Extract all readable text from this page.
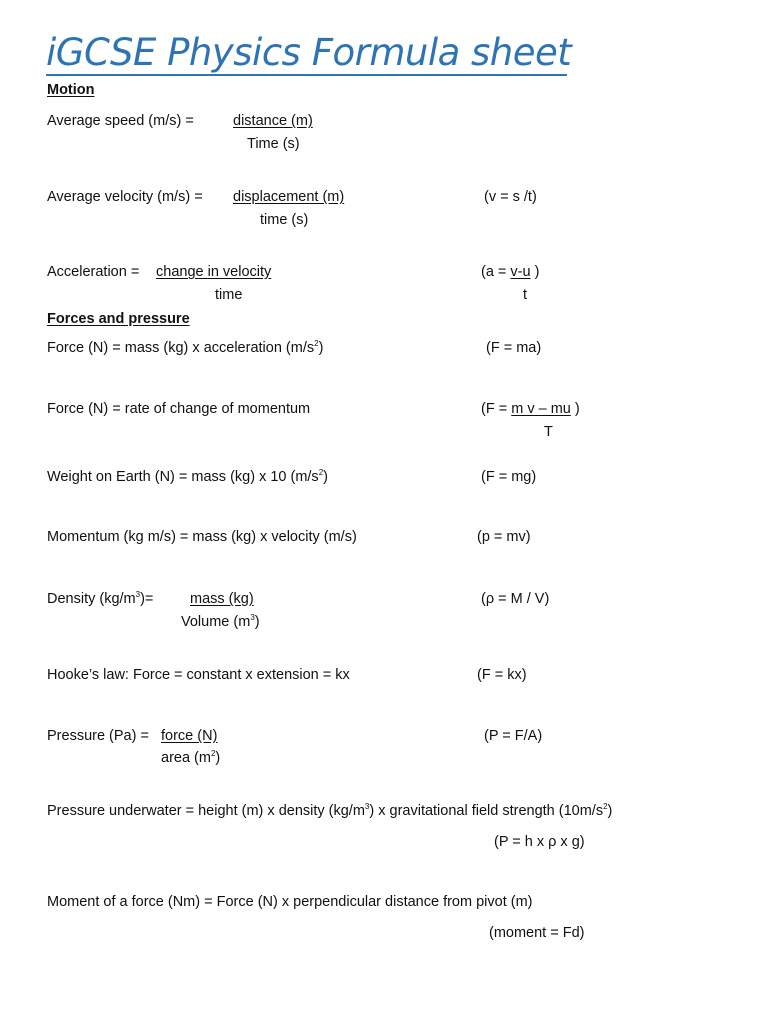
iGCSE Physics Formula sheet
Motion
Average speed (m/s) =	distance (m)
Time (s)
Average velocity (m/s) = displacement (m)
time (s)
(v = s /t)
Acceleration = change in velocity
time
(a = v-u )
t
Forces and pressure
Force (N) = mass (kg) x acceleration $(m/s^2)$	(F = ma)
Force (N) = rate of change of momentum	(F = m v – mu )
T
Weight on Earth (N) = mass (kg) x 10 $(m/s^2)$	(F = mg)
Momentum (kg m/s) = mass (kg) x velocity (m/s)	(p = mv)
Density $(kg/m^3)=$	mass (kg)
Volume $(m^3)$
(ρ = M / V)
Hooke’s law: Force = constant x extension = kx	(F = kx)
Pressure (Pa) = force (N)
area $(m^2)$
(P = F/A)
Pressure underwater = height (m) x density $(kg/m^3)$ x gravitational field strength $(10m/s^2)$
(P = h x ρ x g)
Moment of a force (Nm) = Force (N) x perpendicular distance from pivot (m)
(moment = Fd)
